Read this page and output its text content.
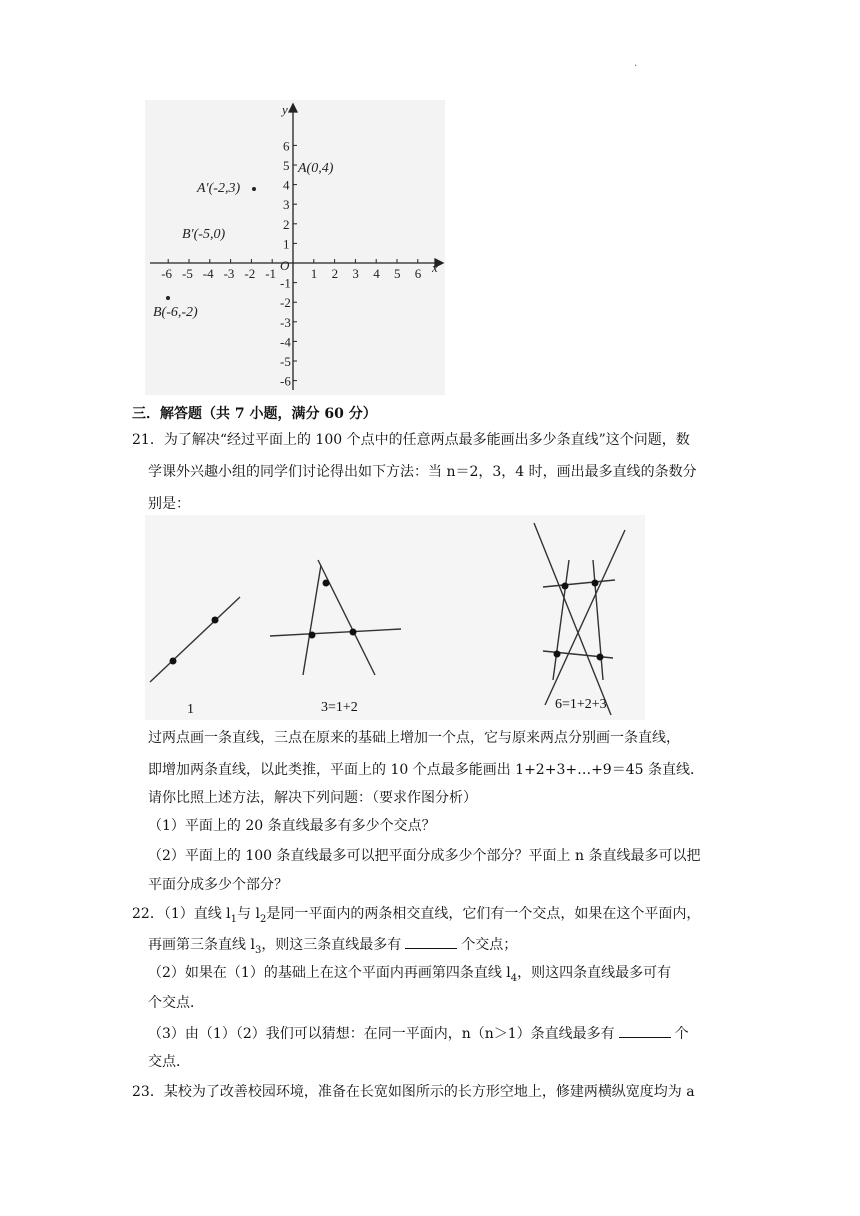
.
x
y
O
A(0,4)
A′(-2,3)
B′(-5,0)
B(-6,-2)
-6 -5 -4 -3 -2 -1	1 2 3 4 5 6
6
5
4
3
2
1
-1
-2
-3
-4
-5
-6
三．解答题（共 7 小题，满分 60 分）
21．为了解决“经过平面上的 100 个点中的任意两点最多能画出多少条直线”这个问题，数
学课外兴趣小组的同学们讨论得出如下方法：当 n＝2，3，4 时，画出最多直线的条数分
别是：
1	3=1+2	6=1+2+3
过两点画一条直线，三点在原来的基础上增加一个点，它与原来两点分别画一条直线，
即增加两条直线，以此类推，平面上的 10 个点最多能画出 1+2+3+…+9＝45 条直线．
请你比照上述方法，解决下列问题：（要求作图分析）
（1）平面上的 20 条直线最多有多少个交点？
（2）平面上的 100 条直线最多可以把平面分成多少个部分？平面上 n 条直线最多可以把
平面分成多少个部分？
22．（1）直线 $l_1$与 $l_2$是同一平面内的两条相交直线，它们有一个交点，如果在这个平面内，
再画第三条直线 $l_3$，则这三条直线最多有	个交点；
（2）如果在（1）的基础上在这个平面内再画第四条直线 $l_4$，则这四条直线最多可有
个交点．
（3）由（1）（2）我们可以猜想：在同一平面内，n（n＞1）条直线最多有	个
交点．
23．某校为了改善校园环境，准备在长宽如图所示的长方形空地上，修建两横纵宽度均为 a
